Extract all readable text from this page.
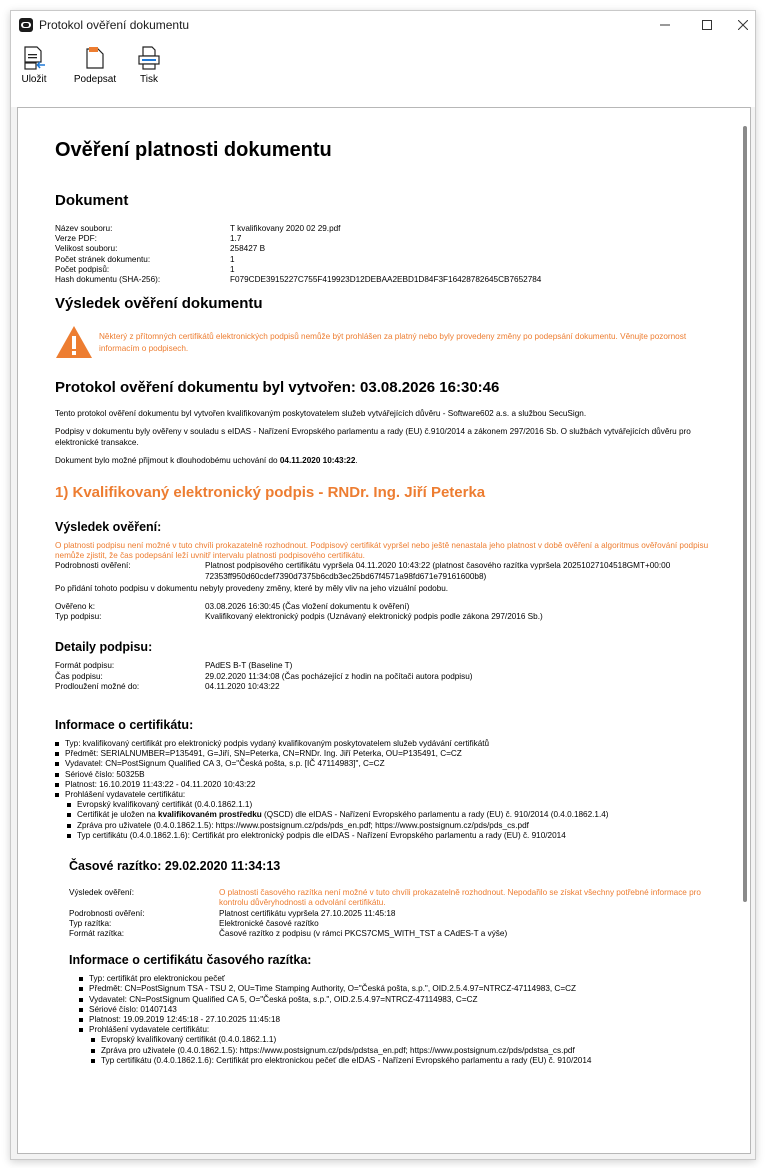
Protokol ověření dokumentu
Uložit	Podepsat Tisk
Ověření platnosti dokumentu
Dokument
Název souboru:	T kvalifikovany 2020 02 29.pdf
Verze PDF:	1.7
Velikost souboru:	258427 B
Počet stránek dokumentu:	1
Počet podpisů:	1
Hash dokumentu (SHA-256):	F079CDE3915227C755F419923D12DEBAA2EBD1D84F3F16428782645CB7652784
Výsledek ověření dokumentu
Některý z přítomných certifikátů elektronických podpisů nemůže být prohlášen za platný nebo byly provedeny změny po podepsání dokumentu. Věnujte pozornost informacím o podpisech.
Protokol ověření dokumentu byl vytvořen: 03.08.2026 16:30:46

Tento protokol ověření dokumentu byl vytvořen kvalifikovaným poskytovatelem služeb vytvářejících důvěru - Software602 a.s. a službou SecuSign.

Podpisy v dokumentu byly ověřeny v souladu s eIDAS - Nařízení Evropského parlamentu a rady (EU) č.910/2014 a zákonem 297/2016 Sb. O službách vytvářejících důvěru pro elektronické transakce.

Dokument bylo možné přijmout k dlouhodobému uchování do 04.11.2020 10:43:22.

1) Kvalifikovaný elektronický podpis - RNDr. Ing. Jiří Peterka
Výsledek ověření:

O platnosti podpisu není možné v tuto chvíli prokazatelně rozhodnout. Podpisový certifikát vypršel nebo ještě nenastala jeho platnost v době ověření a algoritmus ověřování podpisu nemůže zjistit, že čas podepsání leží uvnitř intervalu platnosti podpisového certifikátu.

Podrobnosti ověření:	Platnost podpisového certifikátu vypršela 04.11.2020 10:43:22 (platnost časového razítka vypršela 20251027104518GMT+00:00 72353ff950d60cdef7390d7375b6cdb3ec25bd67f4571a98fd671e79161600b8)

Po přidání tohoto podpisu v dokumentu nebyly provedeny změny, které by měly vliv na jeho vizuální podobu.

Ověřeno k:	03.08.2026 16:30:45 (Čas vložení dokumentu k ověření)
Typ podpisu:	Kvalifikovaný elektronický podpis (Uznávaný elektronický podpis podle zákona 297/2016 Sb.)
Detaily podpisu:
Formát podpisu:	PAdES B-T (Baseline T)
Čas podpisu:	29.02.2020 11:34:08 (Čas pocházející z hodin na počítači autora podpisu)
Prodloužení možné do:	04.11.2020 10:43:22
Informace o certifikátu:
Typ: kvalifikovaný certifikát pro elektronický podpis vydaný kvalifikovaným poskytovatelem služeb vydávání certifikátů
Předmět: SERIALNUMBER=P135491, G=Jiří, SN=Peterka, CN=RNDr. Ing. Jiří Peterka, OU=P135491, C=CZ
Vydavatel: CN=PostSignum Qualified CA 3, O="Česká pošta, s.p. [IČ 47114983]", C=CZ
Sériové číslo: 50325B
Platnost: 16.10.2019 11:43:22 - 04.11.2020 10:43:22
Prohlášení vydavatele certifikátu:
Evropský kvalifikovaný certifikát (0.4.0.1862.1.1)
Certifikát je uložen na kvalifikovaném prostředku (QSCD) dle eIDAS - Nařízení Evropského parlamentu a rady (EU) č. 910/2014 (0.4.0.1862.1.4)
Zpráva pro uživatele (0.4.0.1862.1.5): https://www.postsignum.cz/pds/pds_en.pdf; https://www.postsignum.cz/pds/pds_cs.pdf
Typ certifikátu (0.4.0.1862.1.6): Certifikát pro elektronický podpis dle eIDAS - Nařízení Evropského parlamentu a rady (EU) č. 910/2014
Časové razítko: 29.02.2020 11:34:13
Výsledek ověření:	O platnosti časového razítka není možné v tuto chvíli prokazatelně rozhodnout. Nepodařilo se získat všechny potřebné informace pro kontrolu důvěryhodnosti a odvolání certifikátu.
Podrobnosti ověření:	Platnost certifikátu vypršela 27.10.2025 11:45:18
Typ razítka:	Elektronické časové razítko
Formát razítka:	Časové razítko z podpisu (v rámci PKCS7CMS_WITH_TST a CAdES-T a výše)
Informace o certifikátu časového razítka:
Typ: certifikát pro elektronickou pečeť
Předmět: CN=PostSignum TSA - TSU 2, OU=Time Stamping Authority, O="Česká pošta, s.p.", OID.2.5.4.97=NTRCZ-47114983, C=CZ
Vydavatel: CN=PostSignum Qualified CA 5, O="Česká pošta, s.p.", OID.2.5.4.97=NTRCZ-47114983, C=CZ
Sériové číslo: 01407143
Platnost: 19.09.2019 12:45:18 - 27.10.2025 11:45:18
Prohlášení vydavatele certifikátu:
Evropský kvalifikovaný certifikát (0.4.0.1862.1.1)
Zpráva pro uživatele (0.4.0.1862.1.5): https://www.postsignum.cz/pds/pdstsa_en.pdf; https://www.postsignum.cz/pds/pdstsa_cs.pdf
Typ certifikátu (0.4.0.1862.1.6): Certifikát pro elektronickou pečeť dle eIDAS - Nařízení Evropského parlamentu a rady (EU) č. 910/2014
